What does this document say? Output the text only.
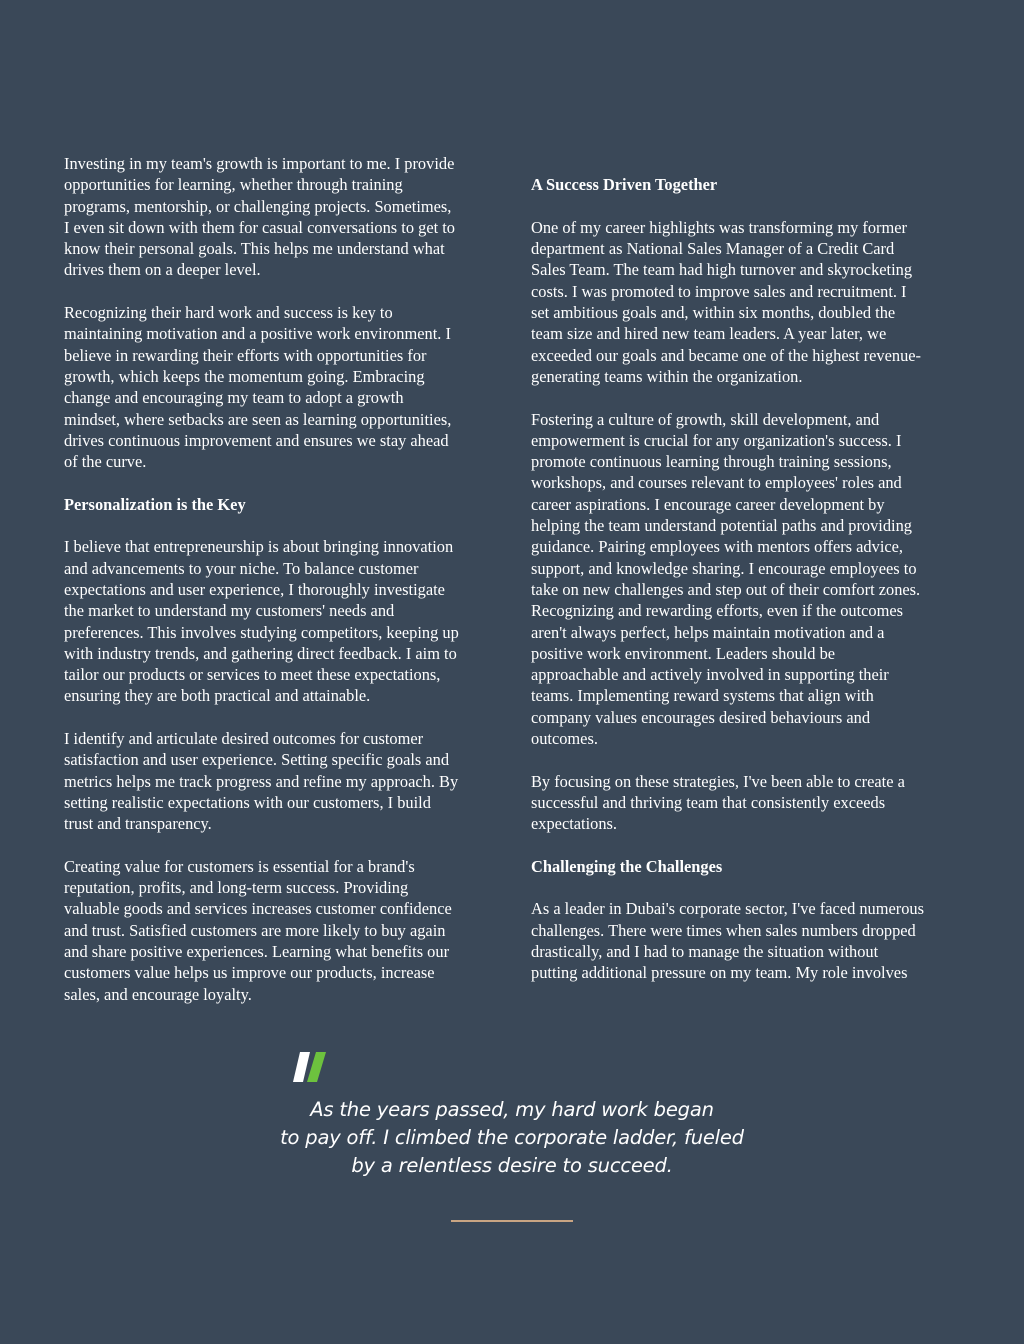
Investing in my team's growth is important to me. I provide
opportunities for learning, whether through training
programs, mentorship, or challenging projects. Sometimes,
I even sit down with them for casual conversations to get to
know their personal goals. This helps me understand what
drives them on a deeper level.

Recognizing their hard work and success is key to
maintaining motivation and a positive work environment. I
believe in rewarding their efforts with opportunities for
growth, which keeps the momentum going. Embracing
change and encouraging my team to adopt a growth
mindset, where setbacks are seen as learning opportunities,
drives continuous improvement and ensures we stay ahead
of the curve.

Personalization is the Key

I believe that entrepreneurship is about bringing innovation
and advancements to your niche. To balance customer
expectations and user experience, I thoroughly investigate
the market to understand my customers' needs and
preferences. This involves studying competitors, keeping up
with industry trends, and gathering direct feedback. I aim to
tailor our products or services to meet these expectations,
ensuring they are both practical and attainable.

I identify and articulate desired outcomes for customer
satisfaction and user experience. Setting specific goals and
metrics helps me track progress and refine my approach. By
setting realistic expectations with our customers, I build
trust and transparency.

Creating value for customers is essential for a brand's
reputation, profits, and long-term success. Providing
valuable goods and services increases customer confidence
and trust. Satisfied customers are more likely to buy again
and share positive experiences. Learning what benefits our
customers value helps us improve our products, increase
sales, and encourage loyalty.

A Success Driven Together

One of my career highlights was transforming my former
department as National Sales Manager of a Credit Card
Sales Team. The team had high turnover and skyrocketing
costs. I was promoted to improve sales and recruitment. I
set ambitious goals and, within six months, doubled the
team size and hired new team leaders. A year later, we
exceeded our goals and became one of the highest revenue-
generating teams within the organization.

Fostering a culture of growth, skill development, and
empowerment is crucial for any organization's success. I
promote continuous learning through training sessions,
workshops, and courses relevant to employees' roles and
career aspirations. I encourage career development by
helping the team understand potential paths and providing
guidance. Pairing employees with mentors offers advice,
support, and knowledge sharing. I encourage employees to
take on new challenges and step out of their comfort zones.
Recognizing and rewarding efforts, even if the outcomes
aren't always perfect, helps maintain motivation and a
positive work environment. Leaders should be
approachable and actively involved in supporting their
teams. Implementing reward systems that align with
company values encourages desired behaviours and
outcomes.

By focusing on these strategies, I've been able to create a
successful and thriving team that consistently exceeds
expectations.

Challenging the Challenges

As a leader in Dubai's corporate sector, I've faced numerous
challenges. There were times when sales numbers dropped
drastically, and I had to manage the situation without
putting additional pressure on my team. My role involves

As the years passed, my hard work began
to pay off. I climbed the corporate ladder, fueled
by a relentless desire to succeed.
